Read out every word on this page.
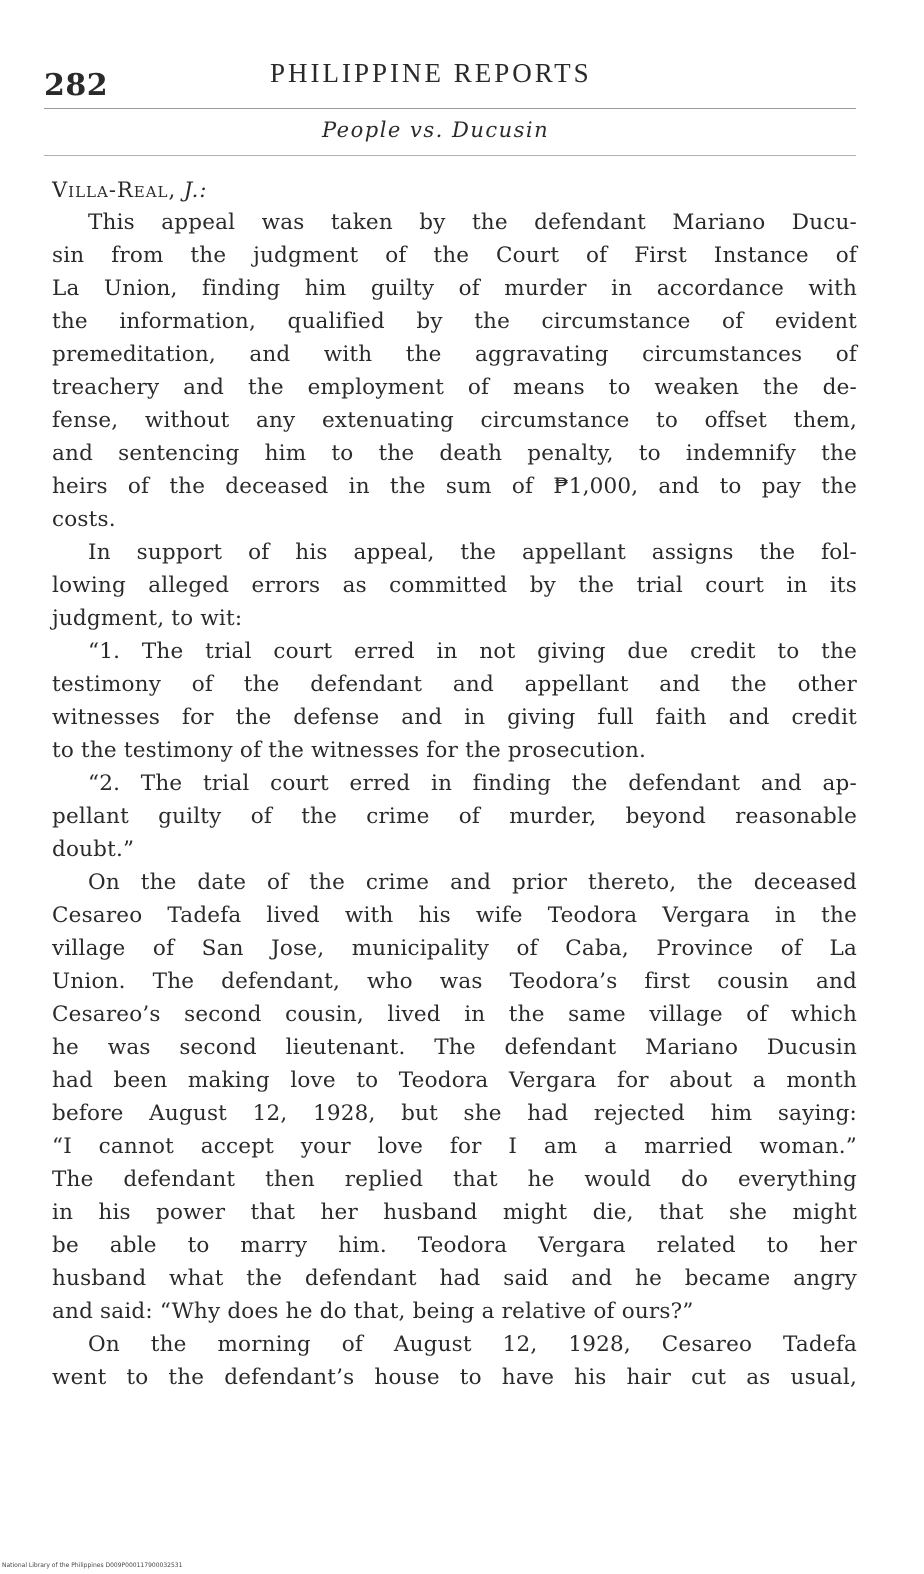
282	PHILIPPINE REPORTS
People vs. Ducusin
Villa-Real, J.:
This appeal was taken by the defendant Mariano Ducu-
sin from the judgment of the Court of First Instance of
La Union, finding him guilty of murder in accordance with
the information, qualified by the circumstance of evident
premeditation, and with the aggravating circumstances of
treachery and the employment of means to weaken the de-
fense, without any extenuating circumstance to offset them,
and sentencing him to the death penalty, to indemnify the
heirs of the deceased in the sum of ₱1,000, and to pay the
costs.
In support of his appeal, the appellant assigns the fol-
lowing alleged errors as committed by the trial court in its
judgment, to wit:
“1. The trial court erred in not giving due credit to the
testimony of the defendant and appellant and the other
witnesses for the defense and in giving full faith and credit
to the testimony of the witnesses for the prosecution.
“2. The trial court erred in finding the defendant and ap-
pellant guilty of the crime of murder, beyond reasonable
doubt.”
On the date of the crime and prior thereto, the deceased
Cesareo Tadefa lived with his wife Teodora Vergara in the
village of San Jose, municipality of Caba, Province of La
Union. The defendant, who was Teodora’s first cousin and
Cesareo’s second cousin, lived in the same village of which
he was second lieutenant. The defendant Mariano Ducusin
had been making love to Teodora Vergara for about a month
before August 12, 1928, but she had rejected him saying:
“I cannot accept your love for I am a married woman.”
The defendant then replied that he would do everything
in his power that her husband might die, that she might
be able to marry him. Teodora Vergara related to her
husband what the defendant had said and he became angry
and said: “Why does he do that, being a relative of ours?”
On the morning of August 12, 1928, Cesareo Tadefa
went to the defendant’s house to have his hair cut as usual,
National Library of the Philippines D009P000117900032531
